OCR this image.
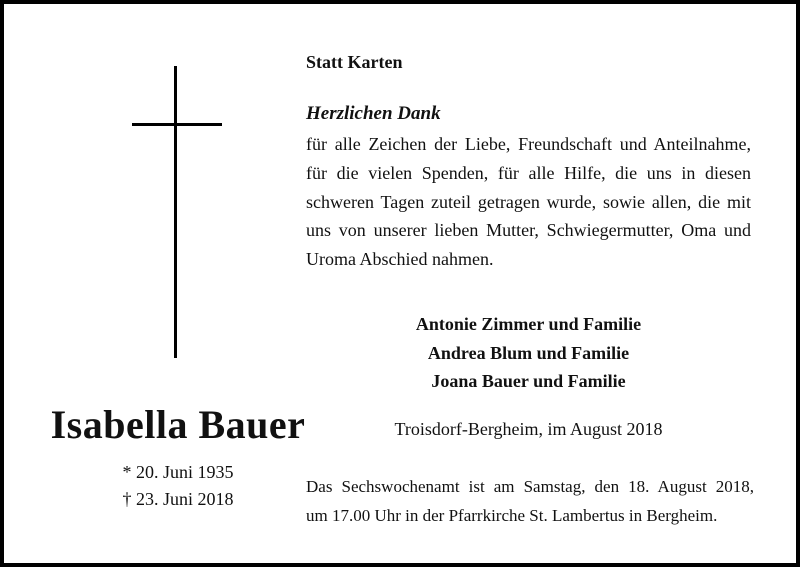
Isabella Bauer
* 20. Juni 1935
† 23. Juni 2018
Statt Karten
Herzlichen Dank
für alle Zeichen der Liebe, Freundschaft und Anteilnahme,
für die vielen Spenden, für alle Hilfe, die uns in diesen
schweren Tagen zuteil getragen wurde, sowie allen, die mit
uns von unserer lieben Mutter, Schwiegermutter, Oma und
Uroma Abschied nahmen.
Antonie Zimmer und Familie
Andrea Blum und Familie
Joana Bauer und Familie
Troisdorf-Bergheim, im August 2018
Das Sechswochenamt ist am Samstag, den 18. August 2018,
um 17.00 Uhr in der Pfarrkirche St. Lambertus in Bergheim.
